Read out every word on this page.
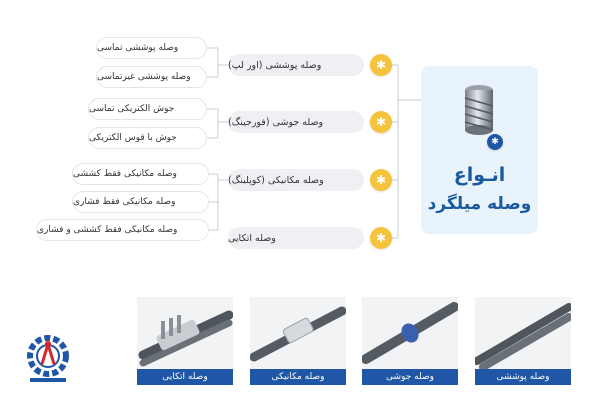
✱
انـواع
وصله میلگرد
✱
✱
✱
✱
وصله پوششی (اور لپ)
وصله جوشی (فورجینگ)
وصله مکانیکی (کوپلینگ)
وصله اتکایی
وصله پوششی تماسی
وصله پوششی غیرتماسی
جوش الکتریکی تماسی
جوش با قوس الکتریکی
وصله مکانیکی فقط کششی
وصله مکانیکی فقط فشاری
وصله مکانیکی فقط کششی و فشاری
وصله اتکایی	وصله مکانیکی	وصله جوشی	وصله پوششی
